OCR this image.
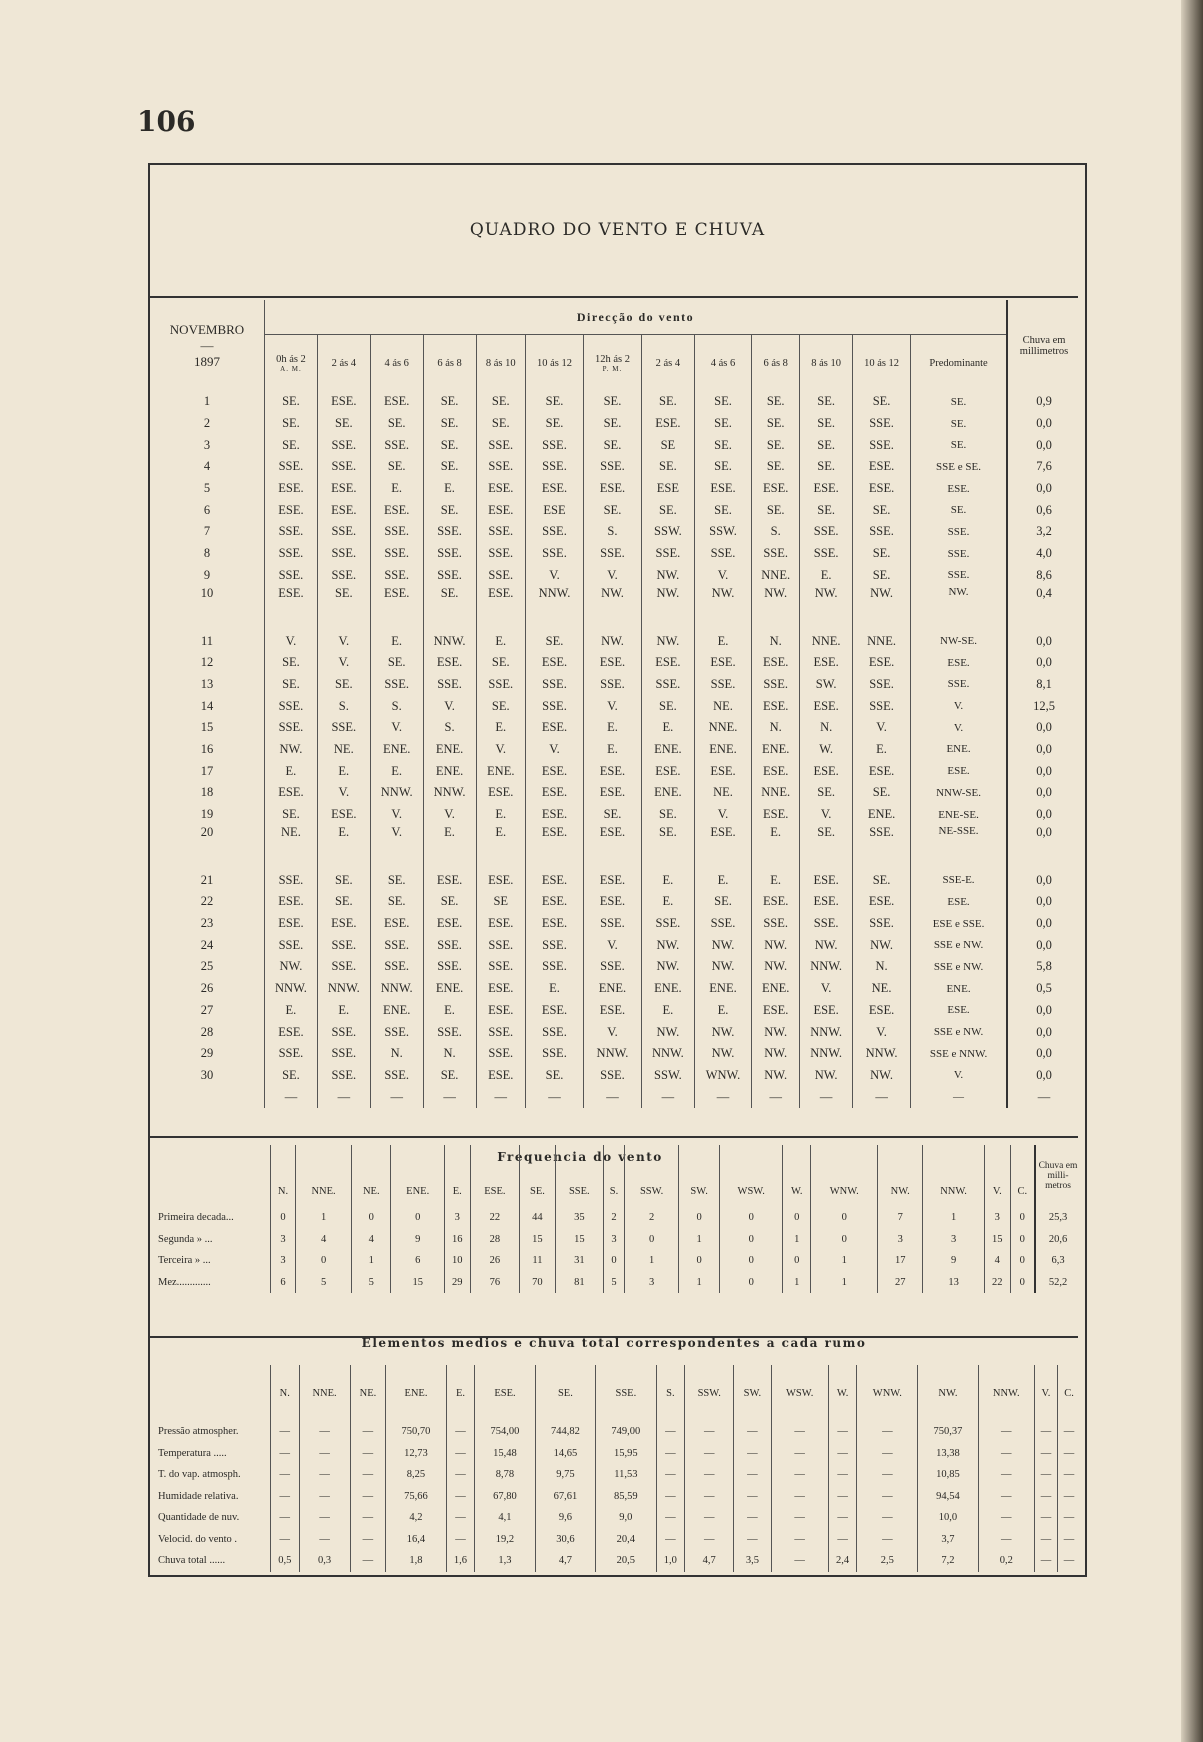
106
QUADRO DO VENTO E CHUVA
NOVEMBRO
—
1897	Direcção do vento													Chuva em millimetros
	0h ás 2
A. M.	2 ás 4	4 ás 6	6 ás 8	8 ás 10	10 ás 12	12h ás 2
P. M.	2 ás 4	4 ás 6	6 ás 8	8 ás 10	10 ás 12	Predominante	
1	SE.	ESE.	ESE.	SE.	SE.	SE.	SE.	SE.	SE.	SE.	SE.	SE.	SE.	0,9
2	SE.	SE.	SE.	SE.	SE.	SE.	SE.	ESE.	SE.	SE.	SE.	SSE.	SE.	0,0
3	SE.	SSE.	SSE.	SE.	SSE.	SSE.	SE.	SE	SE.	SE.	SE.	SSE.	SE.	0,0
4	SSE.	SSE.	SE.	SE.	SSE.	SSE.	SSE.	SE.	SE.	SE.	SE.	ESE.	SSE e SE.	7,6
5	ESE.	ESE.	E.	E.	ESE.	ESE.	ESE.	ESE	ESE.	ESE.	ESE.	ESE.	ESE.	0,0
6	ESE.	ESE.	ESE.	SE.	ESE.	ESE	SE.	SE.	SE.	SE.	SE.	SE.	SE.	0,6
7	SSE.	SSE.	SSE.	SSE.	SSE.	SSE.	S.	SSW.	SSW.	S.	SSE.	SSE.	SSE.	3,2
8	SSE.	SSE.	SSE.	SSE.	SSE.	SSE.	SSE.	SSE.	SSE.	SSE.	SSE.	SE.	SSE.	4,0
9	SSE.	SSE.	SSE.	SSE.	SSE.	V.	V.	NW.	V.	NNE.	E.	SE.	SSE.	8,6
10	ESE.	SE.	ESE.	SE.	ESE.	NNW.	NW.	NW.	NW.	NW.	NW.	NW.	NW.	0,4
11	V.	V.	E.	NNW.	E.	SE.	NW.	NW.	E.	N.	NNE.	NNE.	NW-SE.	0,0
12	SE.	V.	SE.	ESE.	SE.	ESE.	ESE.	ESE.	ESE.	ESE.	ESE.	ESE.	ESE.	0,0
13	SE.	SE.	SSE.	SSE.	SSE.	SSE.	SSE.	SSE.	SSE.	SSE.	SW.	SSE.	SSE.	8,1
14	SSE.	S.	S.	V.	SE.	SSE.	V.	SE.	NE.	ESE.	ESE.	SSE.	V.	12,5
15	SSE.	SSE.	V.	S.	E.	ESE.	E.	E.	NNE.	N.	N.	V.	V.	0,0
16	NW.	NE.	ENE.	ENE.	V.	V.	E.	ENE.	ENE.	ENE.	W.	E.	ENE.	0,0
17	E.	E.	E.	ENE.	ENE.	ESE.	ESE.	ESE.	ESE.	ESE.	ESE.	ESE.	ESE.	0,0
18	ESE.	V.	NNW.	NNW.	ESE.	ESE.	ESE.	ENE.	NE.	NNE.	SE.	SE.	NNW-SE.	0,0
19	SE.	ESE.	V.	V.	E.	ESE.	SE.	SE.	V.	ESE.	V.	ENE.	ENE-SE.	0,0
20	NE.	E.	V.	E.	E.	ESE.	ESE.	SE.	ESE.	E.	SE.	SSE.	NE-SSE.	0,0
21	SSE.	SE.	SE.	ESE.	ESE.	ESE.	ESE.	E.	E.	E.	ESE.	SE.	SSE-E.	0,0
22	ESE.	SE.	SE.	SE.	SE	ESE.	ESE.	E.	SE.	ESE.	ESE.	ESE.	ESE.	0,0
23	ESE.	ESE.	ESE.	ESE.	ESE.	ESE.	SSE.	SSE.	SSE.	SSE.	SSE.	SSE.	ESE e SSE.	0,0
24	SSE.	SSE.	SSE.	SSE.	SSE.	SSE.	V.	NW.	NW.	NW.	NW.	NW.	SSE e NW.	0,0
25	NW.	SSE.	SSE.	SSE.	SSE.	SSE.	SSE.	NW.	NW.	NW.	NNW.	N.	SSE e NW.	5,8
26	NNW.	NNW.	NNW.	ENE.	ESE.	E.	ENE.	ENE.	ENE.	ENE.	V.	NE.	ENE.	0,5
27	E.	E.	ENE.	E.	ESE.	ESE.	ESE.	E.	E.	ESE.	ESE.	ESE.	ESE.	0,0
28	ESE.	SSE.	SSE.	SSE.	SSE.	SSE.	V.	NW.	NW.	NW.	NNW.	V.	SSE e NW.	0,0
29	SSE.	SSE.	N.	N.	SSE.	SSE.	NNW.	NNW.	NW.	NW.	NNW.	NNW.	SSE e NNW.	0,0
30	SE.	SSE.	SSE.	SE.	ESE.	SE.	SSE.	SSW.	WNW.	NW.	NW.	NW.	V.	0,0
	—	—	—	—	—	—	—	—	—	—	—	—	—	—
Frequencia do vento
Elementos medios e chuva total correspondentes a cada rumo
	N.	NNE.	NE.	ENE.	E.	ESE.	SE.	SSE.	S.	SSW.	SW.	WSW.	W.	WNW.	NW.	NNW.	V.	C.	Chuva em milli-metros
Primeira decada...	0	1	0	0	3	22	44	35	2	2	0	0	0	0	7	1	3	0	25,3
Segunda » ...	3	4	4	9	16	28	15	15	3	0	1	0	1	0	3	3	15	0	20,6
Terceira » ...	3	0	1	6	10	26	11	31	0	1	0	0	0	1	17	9	4	0	6,3
Mez.............	6	5	5	15	29	76	70	81	5	3	1	0	1	1	27	13	22	0	52,2
	N.	NNE.	NE.	ENE.	E.	ESE.	SE.	SSE.	S.	SSW.	SW.	WSW.	W.	WNW.	NW.	NNW.	V.	C.
Pressão atmospher.	—	—	—	750,70	—	754,00	744,82	749,00	—	—	—	—	—	—	750,37	—	—	—
Temperatura .....	—	—	—	12,73	—	15,48	14,65	15,95	—	—	—	—	—	—	13,38	—	—	—
T. do vap. atmosph.	—	—	—	8,25	—	8,78	9,75	11,53	—	—	—	—	—	—	10,85	—	—	—
Humidade relativa.	—	—	—	75,66	—	67,80	67,61	85,59	—	—	—	—	—	—	94,54	—	—	—
Quantidade de nuv.	—	—	—	4,2	—	4,1	9,6	9,0	—	—	—	—	—	—	10,0	—	—	—
Velocid. do vento .	—	—	—	16,4	—	19,2	30,6	20,4	—	—	—	—	—	—	3,7	—	—	—
Chuva total ......	0,5	0,3	—	1,8	1,6	1,3	4,7	20,5	1,0	4,7	3,5	—	2,4	2,5	7,2	0,2	—	—
